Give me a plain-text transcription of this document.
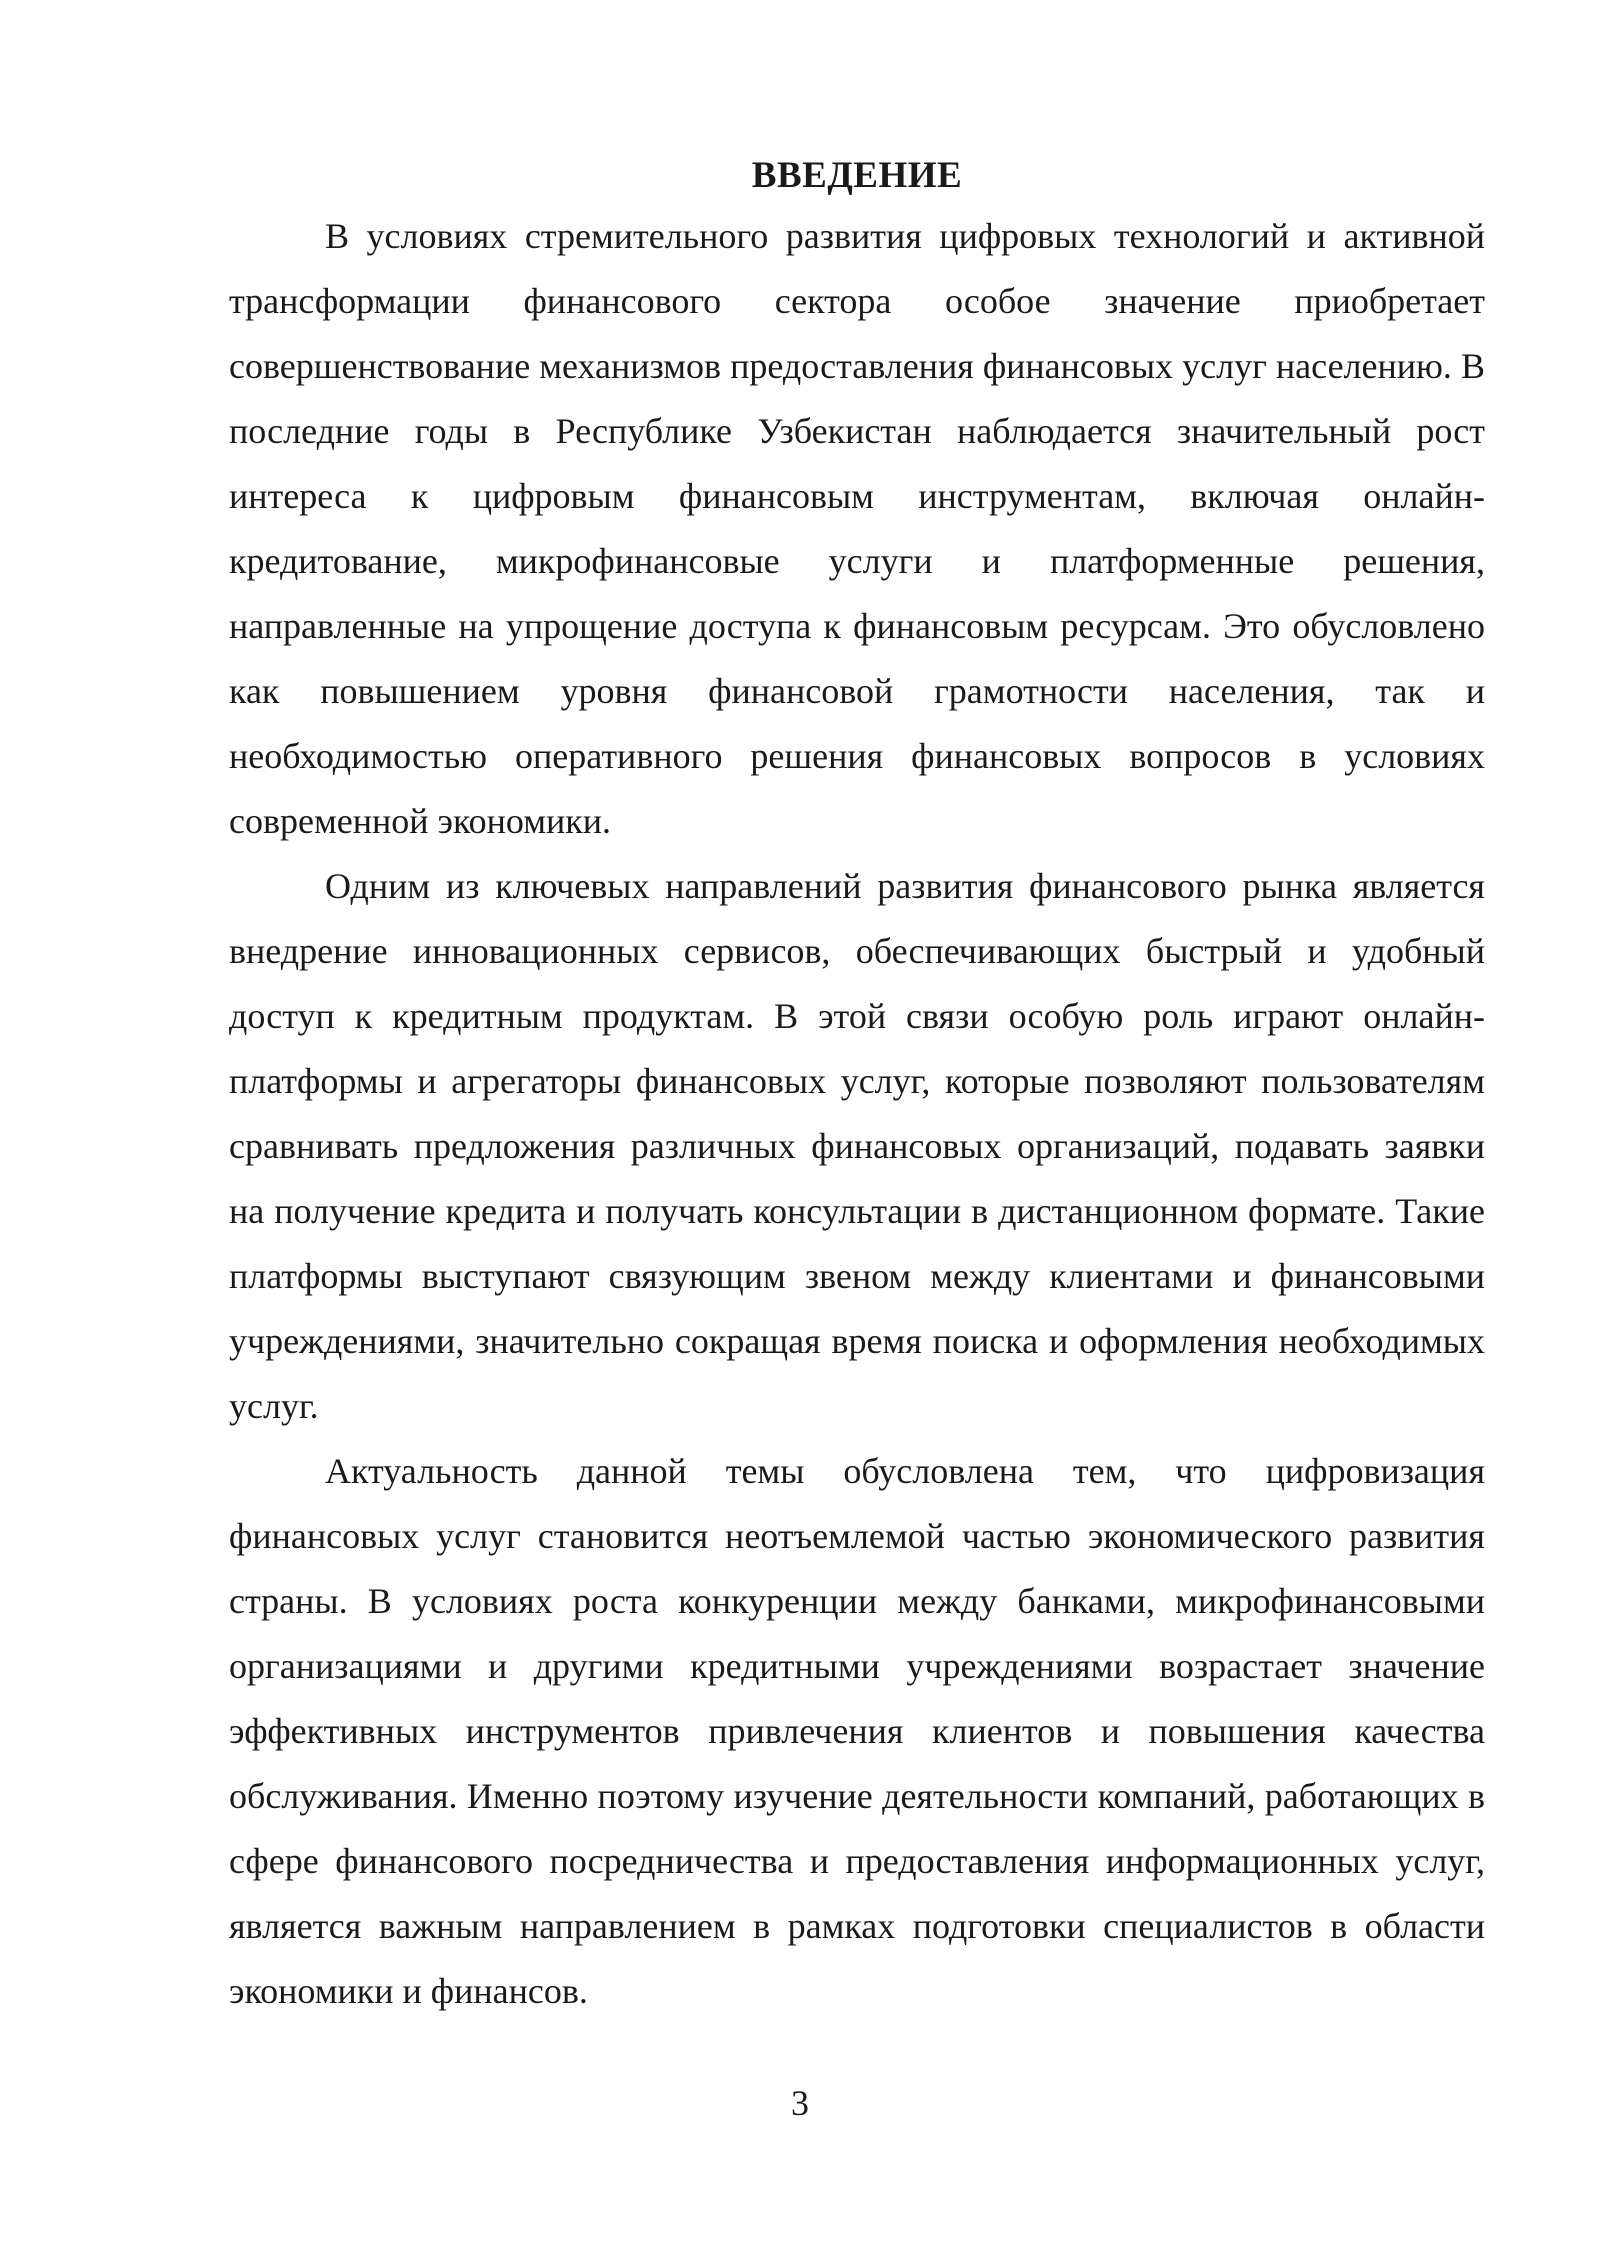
ВВЕДЕНИЕ

В условиях стремительного развития цифровых технологий и активной трансформации финансового сектора особое значение приобретает совершенствование механизмов предоставления финансовых услуг населению. В последние годы в Республике Узбекистан наблюдается значительный рост интереса к цифровым финансовым инструментам, включая онлайн-кредитование, микрофинансовые услуги и платформенные решения, направленные на упрощение доступа к финансовым ресурсам. Это обусловлено как повышением уровня финансовой грамотности населения, так и необходимостью оперативного решения финансовых вопросов в условиях современной экономики.

Одним из ключевых направлений развития финансового рынка является внедрение инновационных сервисов, обеспечивающих быстрый и удобный доступ к кредитным продуктам. В этой связи особую роль играют онлайн-платформы и агрегаторы финансовых услуг, которые позволяют пользователям сравнивать предложения различных финансовых организаций, подавать заявки на получение кредита и получать консультации в дистанционном формате. Такие платформы выступают связующим звеном между клиентами и финансовыми учреждениями, значительно сокращая время поиска и оформления необходимых услуг.

Актуальность данной темы обусловлена тем, что цифровизация финансовых услуг становится неотъемлемой частью экономического развития страны. В условиях роста конкуренции между банками, микрофинансовыми организациями и другими кредитными учреждениями возрастает значение эффективных инструментов привлечения клиентов и повышения качества обслуживания. Именно поэтому изучение деятельности компаний, работающих в сфере финансового посредничества и предоставления информационных услуг, является важным направлением в рамках подготовки специалистов в области экономики и финансов.

3
